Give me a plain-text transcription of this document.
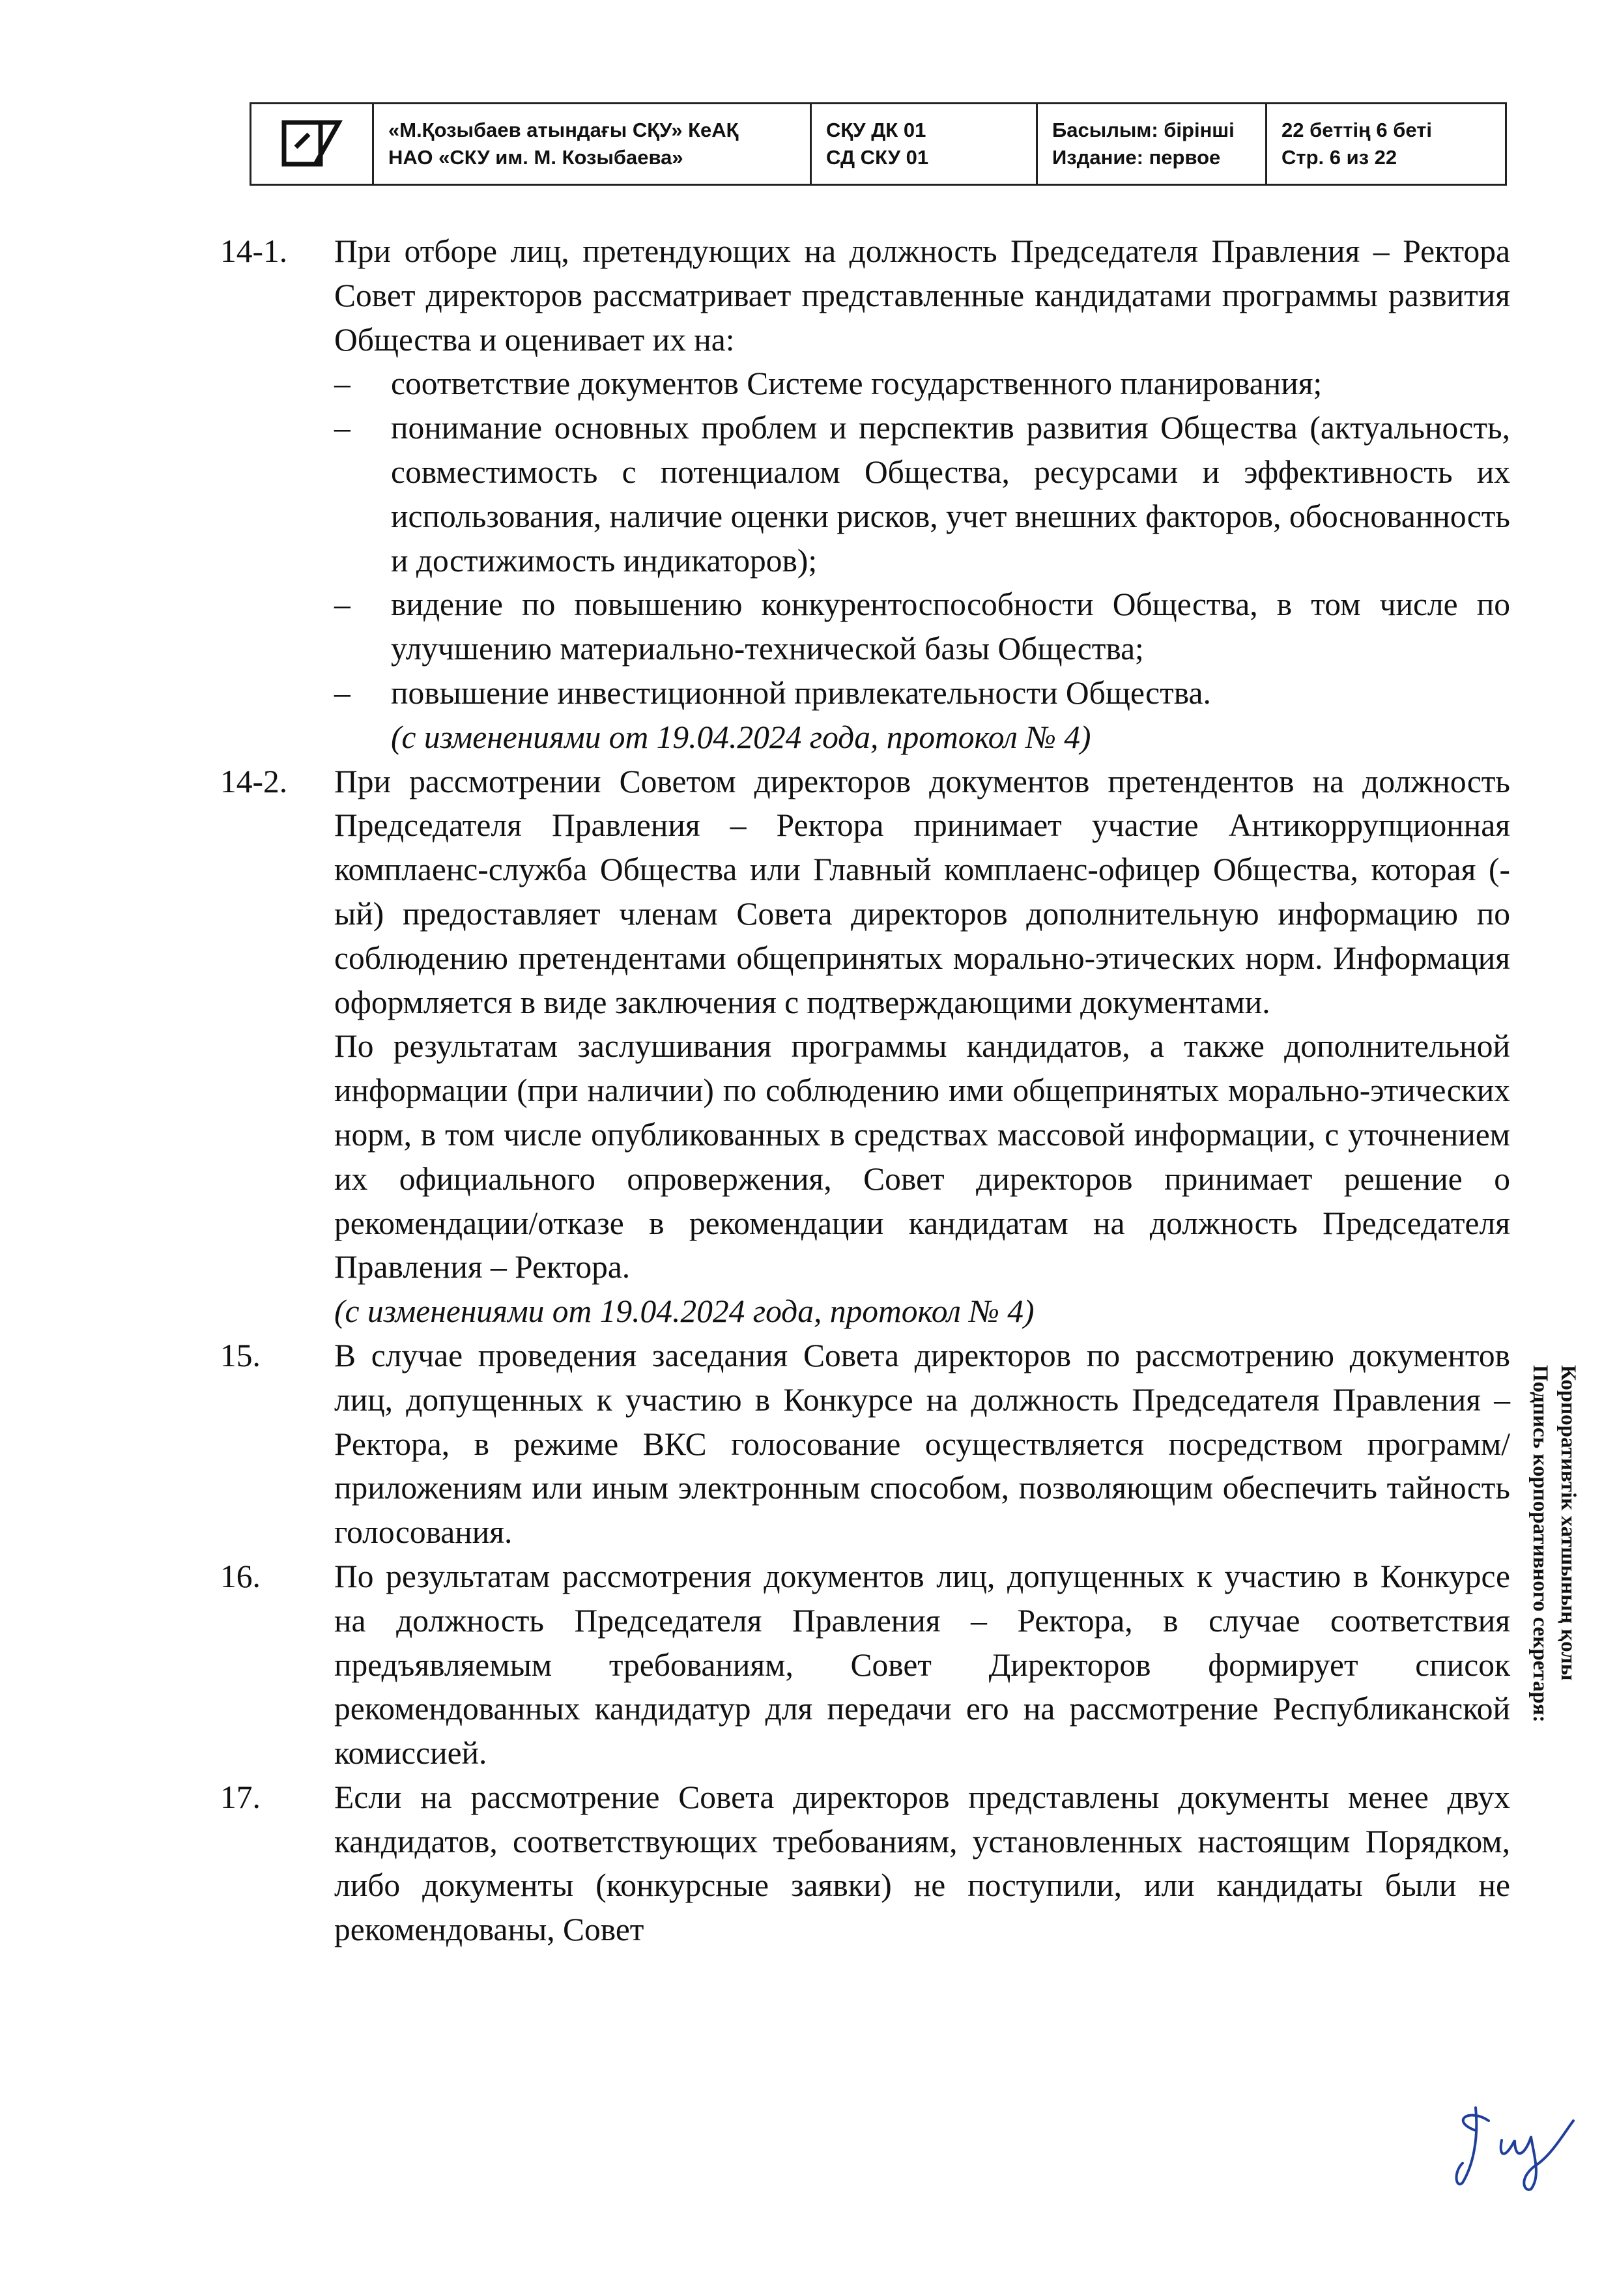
«М.Қозыбаев атындағы СҚУ» КеАҚ
НАО «СКУ им. М. Козыбаева»
СҚУ ДК 01
СД СКУ 01
Басылым: бірінші
Издание: первое
22 беттің 6 беті
Стр. 6 из 22
14-1. При отборе лиц, претендующих на должность Председателя Правления – Ректора Совет директоров рассматривает представленные кандидатами программы развития Общества и оценивает их на:
– соответствие документов Системе государственного планирования;
– понимание основных проблем и перспектив развития Общества (актуальность, совместимость с потенциалом Общества, ресурсами и эффективность их использования, наличие оценки рисков, учет внешних факторов, обоснованность и достижимость индикаторов);
– видение по повышению конкурентоспособности Общества, в том числе по улучшению материально-технической базы Общества;
– повышение инвестиционной привлекательности Общества.
(с изменениями от 19.04.2024 года, протокол № 4)
14-2. При рассмотрении Советом директоров документов претендентов на должность Председателя Правления – Ректора принимает участие Антикоррупционная комплаенс-служба Общества или Главный комплаенс-офицер Общества, которая (-ый) предоставляет членам Совета директоров дополнительную информацию по соблюдению претендентами общепринятых морально-этических норм. Информация оформляется в виде заключения с подтверждающими документами.
По результатам заслушивания программы кандидатов, а также дополнительной информации (при наличии) по соблюдению ими общепринятых морально-этических норм, в том числе опубликованных в средствах массовой информации, с уточнением их официального опровержения, Совет директоров принимает решение о рекомендации/отказе в рекомендации кандидатам на должность Председателя Правления – Ректора.
(с изменениями от 19.04.2024 года, протокол № 4)
15. В случае проведения заседания Совета директоров по рассмотрению документов лиц, допущенных к участию в Конкурсе на должность Председателя Правления – Ректора, в режиме ВКС голосование осуществляется посредством программ/приложениям или иным электронным способом, позволяющим обеспечить тайность голосования.
16. По результатам рассмотрения документов лиц, допущенных к участию в Конкурсе на должность Председателя Правления – Ректора, в случае соответствия предъявляемым требованиям, Совет Директоров формирует список рекомендованных кандидатур для передачи его на рассмотрение Республиканской комиссией.
17. Если на рассмотрение Совета директоров представлены документы менее двух кандидатов, соответствующих требованиям, установленных настоящим Порядком, либо документы (конкурсные заявки) не поступили, или кандидаты были не рекомендованы, Совет
Корпоративтік хатшының қолы
Подпись корпоративного секретаря:
